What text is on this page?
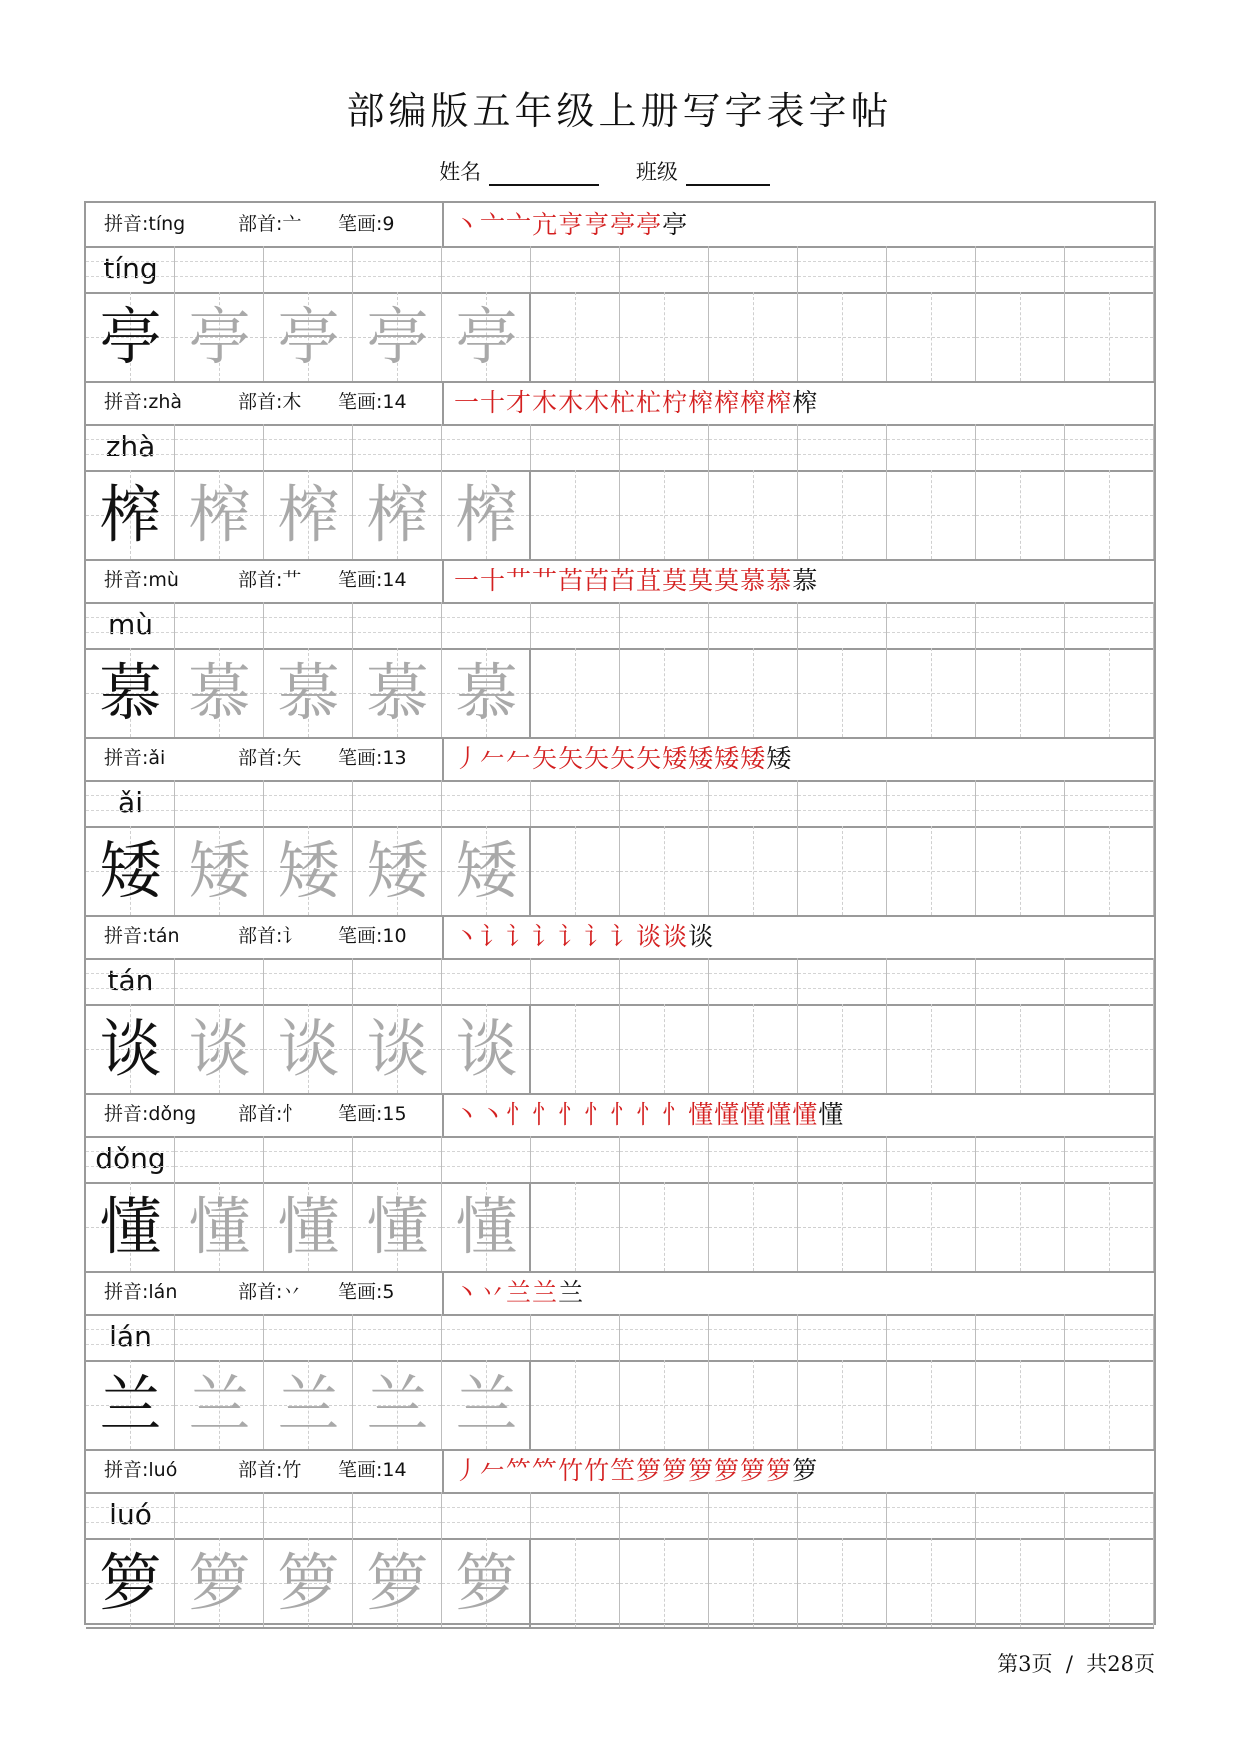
部编版五年级上册写字表字帖
姓名	班级
拼音:tíng	部首:亠 笔画:9	丶亠亠亢亨亨亭亭亭
tíng
亭 亭 亭 亭 亭
拼音:zhà	部首:木 笔画:14	一十才木木木杧杧柠榨榨榨榨榨
zhà
榨 榨 榨 榨 榨
拼音:mù	部首:艹 笔画:14	一十艹艹苩苩苩苴莫莫莫慕慕慕
mù
慕 慕 慕 慕 慕
拼音:ǎi	部首:矢 笔画:13	丿𠂉𠂉矢矢矢矢矢矮矮矮矮矮
ǎi
矮 矮 矮 矮 矮
拼音:tán	部首:讠 笔画:10	丶讠讠讠讠讠讠谈谈谈
tán
谈 谈 谈 谈 谈
拼音:dǒng 部首:忄 笔画:15	丶丶忄忄忄忄忄忄忄懂懂懂懂懂懂
dǒng
懂 懂 懂 懂 懂
拼音:lán	部首:丷 笔画:5	丶丷兰兰兰
lán
兰 兰 兰 兰 兰
拼音:luó	部首:竹 笔画:14	丿𠂉𥫗𥫗竹竹笁箩箩箩箩箩箩箩
luó
箩 箩 箩 箩 箩
第3页 / 共28页
